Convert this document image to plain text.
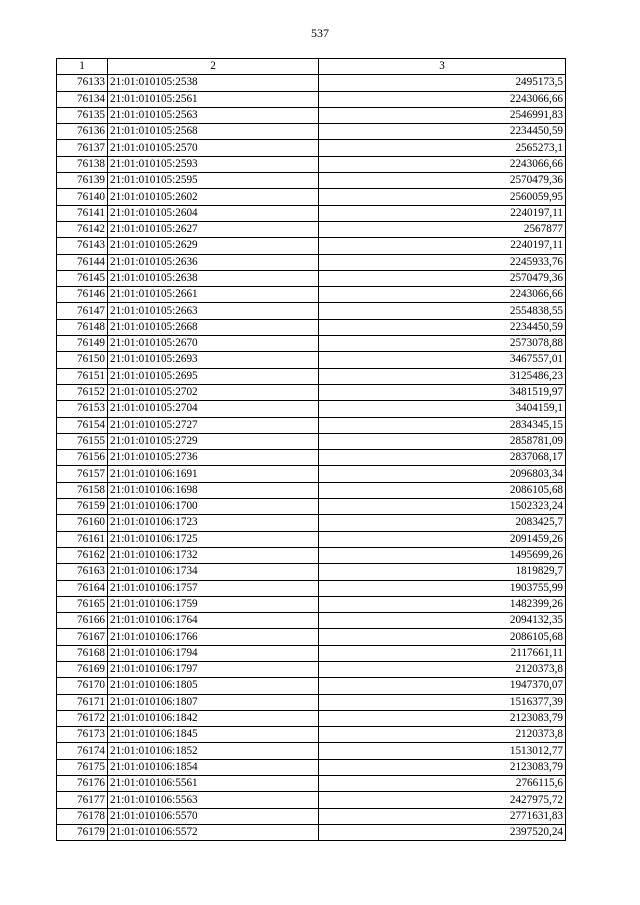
537
1	2	3
76133	21:01:010105:2538	2495173,5
76134	21:01:010105:2561	2243066,66
76135	21:01:010105:2563	2546991,83
76136	21:01:010105:2568	2234450,59
76137	21:01:010105:2570	2565273,1
76138	21:01:010105:2593	2243066,66
76139	21:01:010105:2595	2570479,36
76140	21:01:010105:2602	2560059,95
76141	21:01:010105:2604	2240197,11
76142	21:01:010105:2627	2567877
76143	21:01:010105:2629	2240197,11
76144	21:01:010105:2636	2245933,76
76145	21:01:010105:2638	2570479,36
76146	21:01:010105:2661	2243066,66
76147	21:01:010105:2663	2554838,55
76148	21:01:010105:2668	2234450,59
76149	21:01:010105:2670	2573078,88
76150	21:01:010105:2693	3467557,01
76151	21:01:010105:2695	3125486,23
76152	21:01:010105:2702	3481519,97
76153	21:01:010105:2704	3404159,1
76154	21:01:010105:2727	2834345,15
76155	21:01:010105:2729	2858781,09
76156	21:01:010105:2736	2837068,17
76157	21:01:010106:1691	2096803,34
76158	21:01:010106:1698	2086105,68
76159	21:01:010106:1700	1502323,24
76160	21:01:010106:1723	2083425,7
76161	21:01:010106:1725	2091459,26
76162	21:01:010106:1732	1495699,26
76163	21:01:010106:1734	1819829,7
76164	21:01:010106:1757	1903755,99
76165	21:01:010106:1759	1482399,26
76166	21:01:010106:1764	2094132,35
76167	21:01:010106:1766	2086105,68
76168	21:01:010106:1794	2117661,11
76169	21:01:010106:1797	2120373,8
76170	21:01:010106:1805	1947370,07
76171	21:01:010106:1807	1516377,39
76172	21:01:010106:1842	2123083,79
76173	21:01:010106:1845	2120373,8
76174	21:01:010106:1852	1513012,77
76175	21:01:010106:1854	2123083,79
76176	21:01:010106:5561	2766115,6
76177	21:01:010106:5563	2427975,72
76178	21:01:010106:5570	2771631,83
76179	21:01:010106:5572	2397520,24
